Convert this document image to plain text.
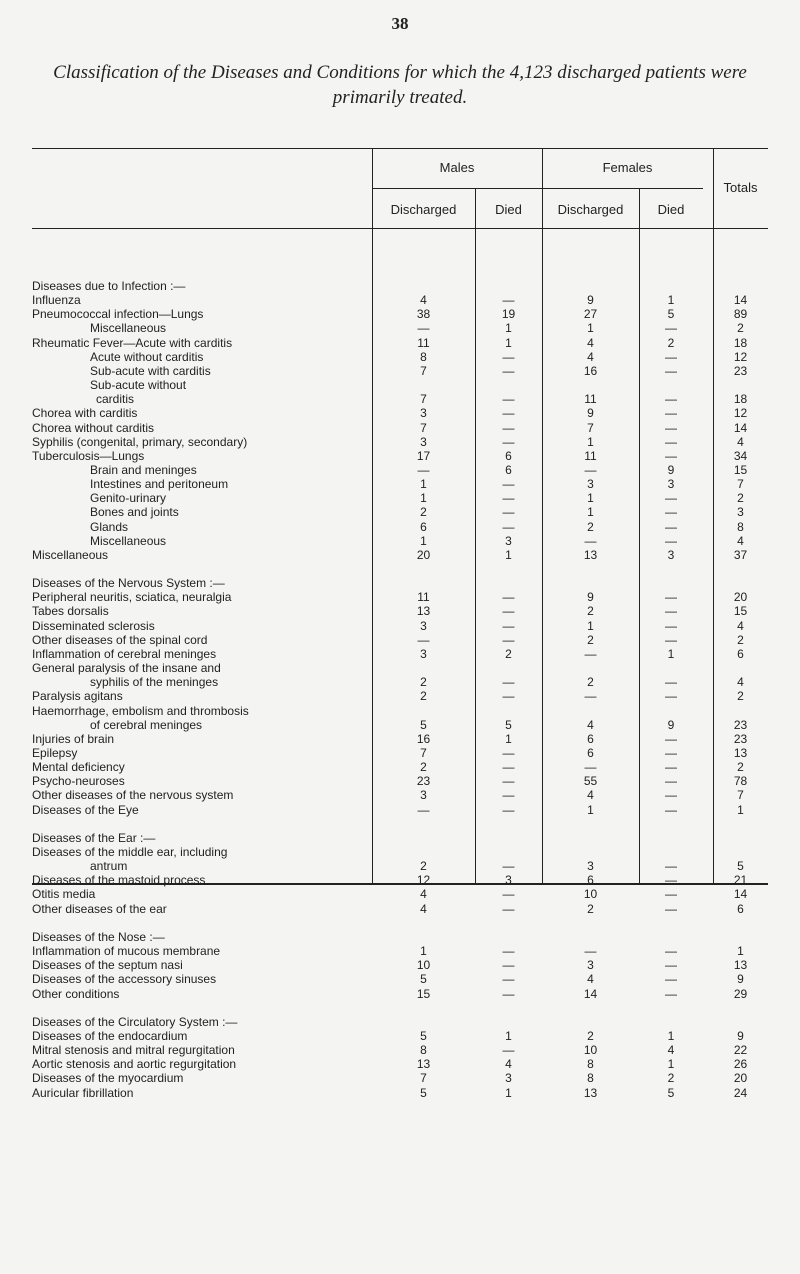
38
Classification of the Diseases and Conditions for which the 4,123 discharged patients were
primarily treated.
Males	Females
Totals
Discharged	Died	Discharged	Died
Diseases due to Infection :—
Influenza	4	—	9	1	14
Pneumococcal infection—Lungs	38	19	27	5	89
Miscellaneous	—	1	1	—	2
Rheumatic Fever—Acute with carditis	11	1	4	2	18
Acute without carditis	8	—	4	—	12
Sub-acute with carditis	7	—	16	—	23
Sub-acute without
carditis	7	—	11	—	18
Chorea with carditis	3	—	9	—	12
Chorea without carditis	7	—	7	—	14
Syphilis (congenital, primary, secondary)	3	—	1	—	4
Tuberculosis—Lungs	17	6	11	—	34
Brain and meninges	—	6	—	9	15
Intestines and peritoneum	1	—	3	3	7
Genito-urinary	1	—	1	—	2
Bones and joints	2	—	1	—	3
Glands	6	—	2	—	8
Miscellaneous	1	3	—	—	4
Miscellaneous	20	1	13	3	37
Diseases of the Nervous System :—
Peripheral neuritis, sciatica, neuralgia	11	—	9	—	20
Tabes dorsalis	13	—	2	—	15
Disseminated sclerosis	3	—	1	—	4
Other diseases of the spinal cord	—	—	2	—	2
Inflammation of cerebral meninges	3	2	—	1	6
General paralysis of the insane and
syphilis of the meninges	2	—	2	—	4
Paralysis agitans	2	—	—	—	2
Haemorrhage, embolism and thrombosis
of cerebral meninges	5	5	4	9	23
Injuries of brain	16	1	6	—	23
Epilepsy	7	—	6	—	13
Mental deficiency	2	—	—	—	2
Psycho-neuroses	23	—	55	—	78
Other diseases of the nervous system	3	—	4	—	7
Diseases of the Eye	—	—	1	—	1
Diseases of the Ear :—
Diseases of the middle ear, including
antrum	2	—	3	—	5
Diseases of the mastoid process	12	3	6	—	21
Otitis media	4	—	10	—	14
Other diseases of the ear	4	—	2	—	6
Diseases of the Nose :—
Inflammation of mucous membrane	1	—	—	—	1
Diseases of the septum nasi	10	—	3	—	13
Diseases of the accessory sinuses	5	—	4	—	9
Other conditions	15	—	14	—	29
Diseases of the Circulatory System :—
Diseases of the endocardium	5	1	2	1	9
Mitral stenosis and mitral regurgitation	8	—	10	4	22
Aortic stenosis and aortic regurgitation	13	4	8	1	26
Diseases of the myocardium	7	3	8	2	20
Auricular fibrillation	5	1	13	5	24
